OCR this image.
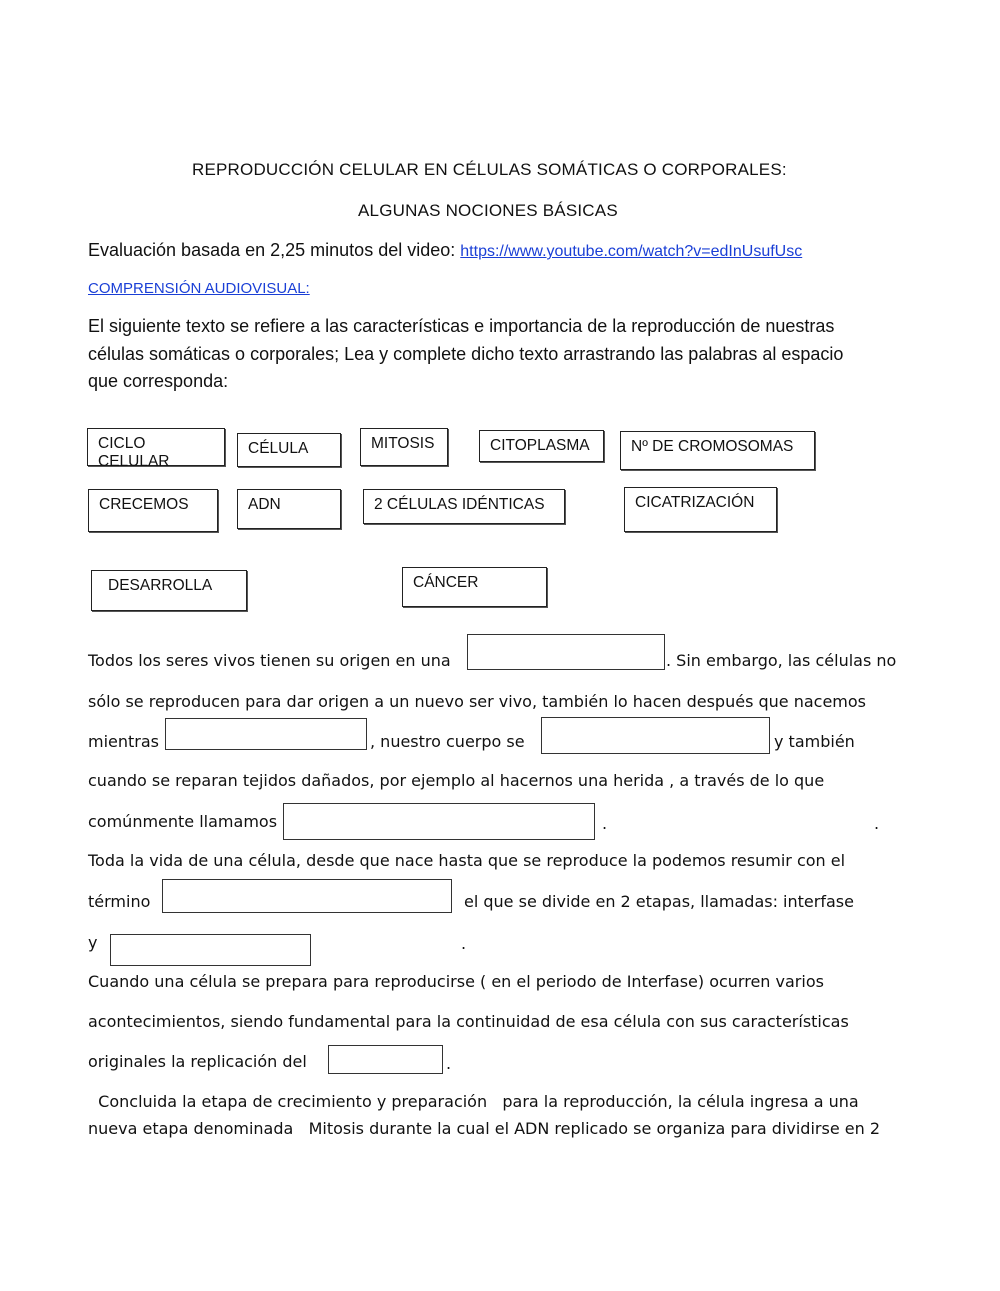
REPRODUCCIÓN CELULAR EN CÉLULAS SOMÁTICAS O CORPORALES:
ALGUNAS NOCIONES BÁSICAS
Evaluación basada en 2,25 minutos del video: https://www.youtube.com/watch?v=edInUsufUsc
COMPRENSIÓN AUDIOVISUAL:
El siguiente texto se refiere a las características e importancia de la reproducción de nuestras
células somáticas o corporales; Lea y complete dicho texto arrastrando las palabras al espacio
que corresponda:
CICLO CELULAR
CÉLULA	MITOSIS	CITOPLASMA	Nº DE CROMOSOMAS
CRECEMOS	ADN	2 CÉLULAS IDÉNTICAS	CICATRIZACIÓN
DESARROLLA	CÁNCER
Todos los seres vivos tienen su origen en una	. Sin embargo, las células no
sólo se reproducen para dar origen a un nuevo ser vivo, también lo hacen después que nacemos
mientras	, nuestro cuerpo se	y también
cuando se reparan tejidos dañados, por ejemplo al hacernos una herida , a través de lo que
comúnmente llamamos	.	.
Toda la vida de una célula, desde que nace hasta que se reproduce la podemos resumir con el
término	el que se divide en 2 etapas, llamadas: interfase
y	.
Cuando una célula se prepara para reproducirse ( en el periodo de Interfase) ocurren varios
acontecimientos, siendo fundamental para la continuidad de esa célula con sus características
originales la replicación del	.
Concluida la etapa de crecimiento y preparación   para la reproducción, la célula ingresa a una
nueva etapa denominada   Mitosis durante la cual el ADN replicado se organiza para dividirse en 2
